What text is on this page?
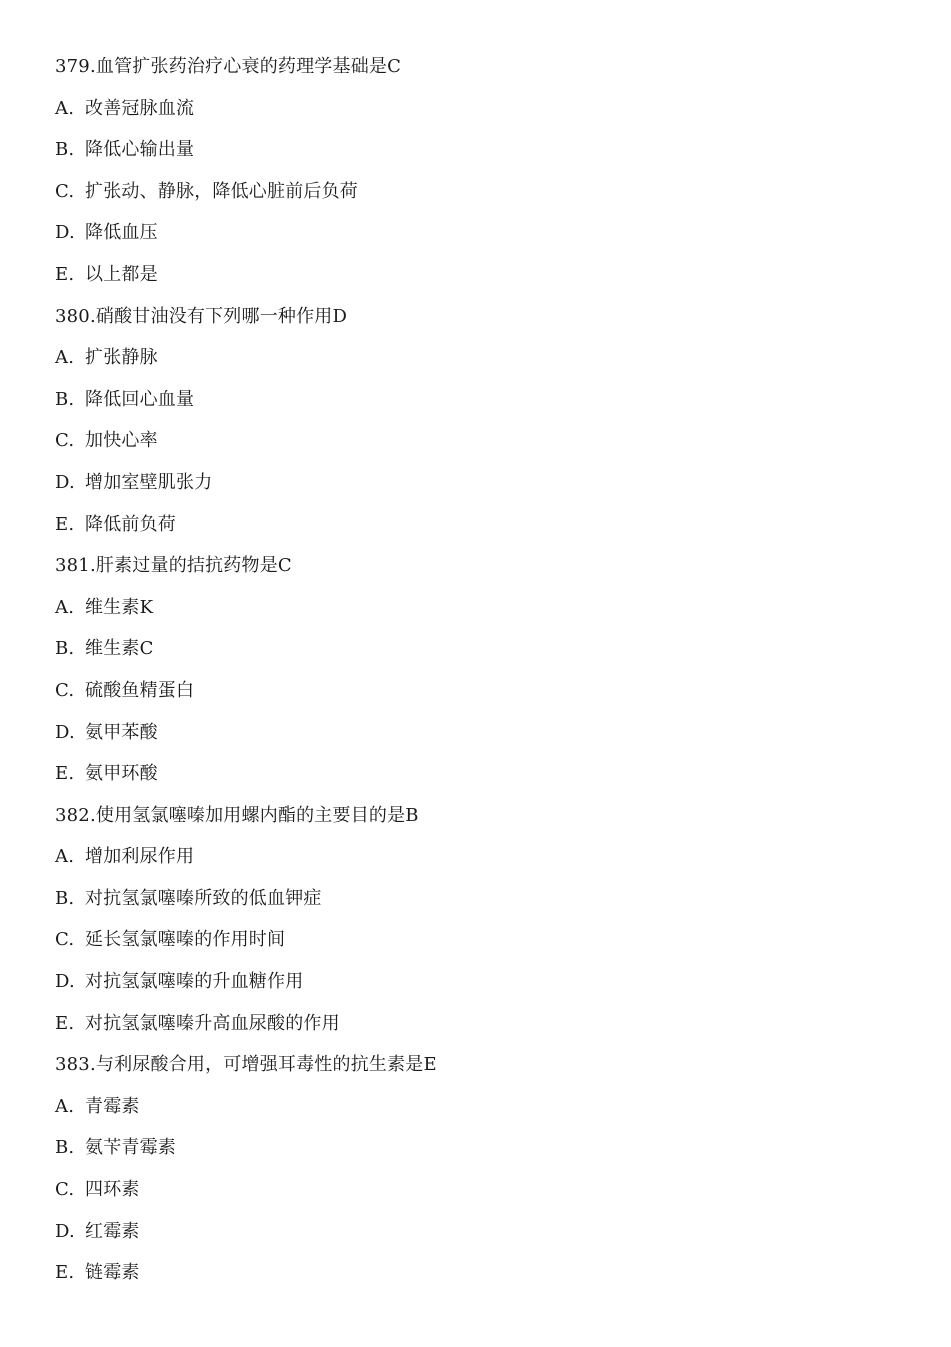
379.血管扩张药治疗心衰的药理学基础是C
A. 改善冠脉血流
B. 降低心输出量
C. 扩张动、静脉，降低心脏前后负荷
D. 降低血压
E. 以上都是
380.硝酸甘油没有下列哪一种作用D
A. 扩张静脉
B. 降低回心血量
C. 加快心率
D. 增加室壁肌张力
E. 降低前负荷
381.肝素过量的拮抗药物是C
A. 维生素K
B. 维生素C
C. 硫酸鱼精蛋白
D. 氨甲苯酸
E. 氨甲环酸
382.使用氢氯噻嗪加用螺内酯的主要目的是B
A. 增加利尿作用
B. 对抗氢氯噻嗪所致的低血钾症
C. 延长氢氯噻嗪的作用时间
D. 对抗氢氯噻嗪的升血糖作用
E. 对抗氢氯噻嗪升高血尿酸的作用
383.与利尿酸合用，可增强耳毒性的抗生素是E
A. 青霉素
B. 氨苄青霉素
C. 四环素
D. 红霉素
E. 链霉素
